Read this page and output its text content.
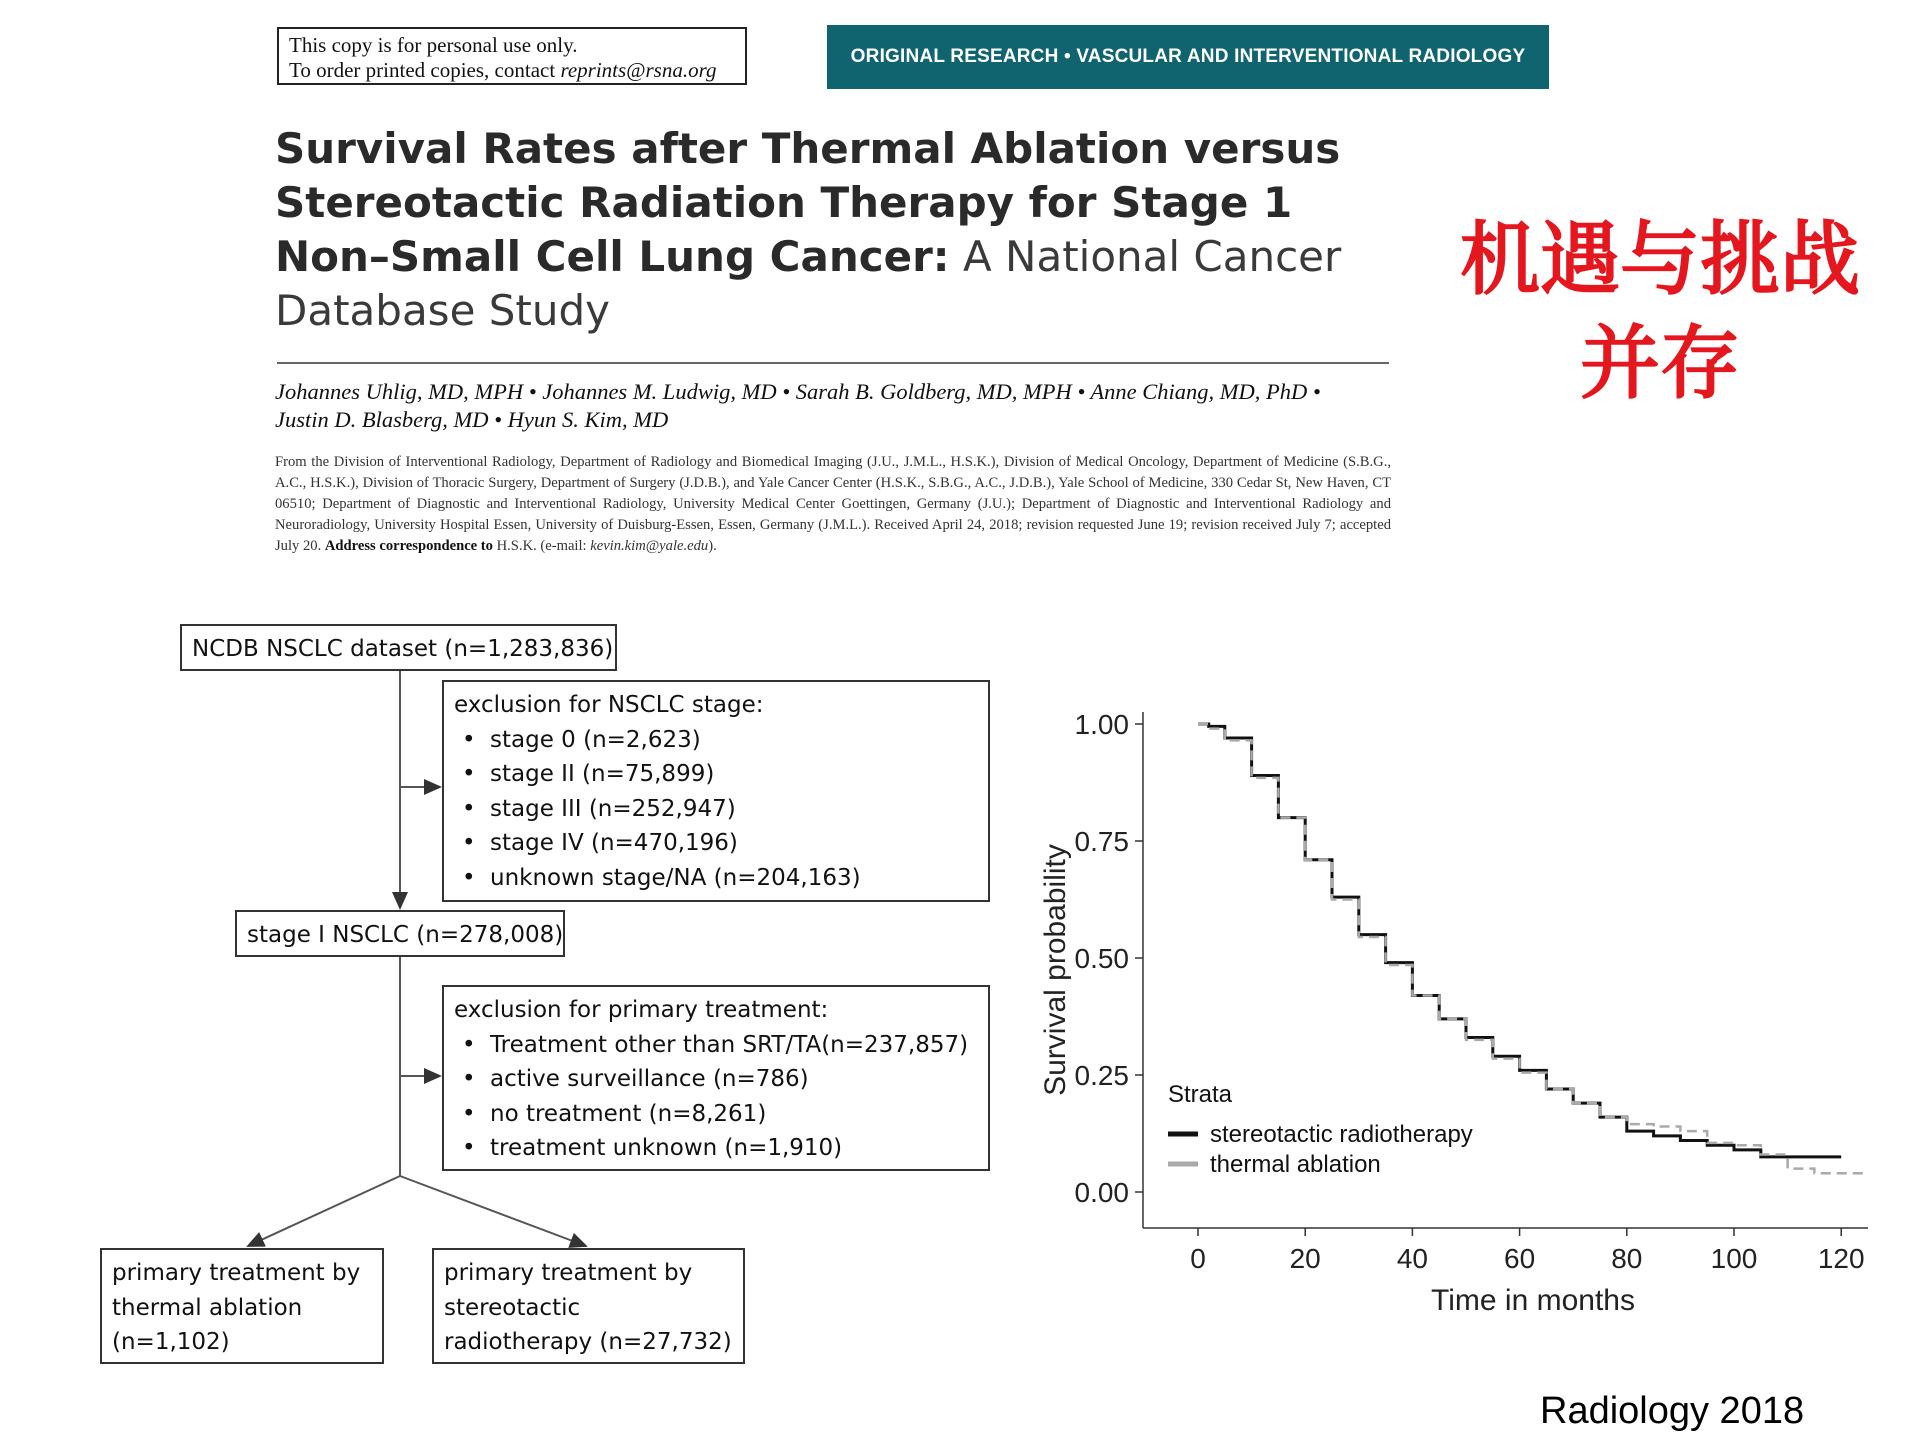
This copy is for personal use only.
To order printed copies, contact reprints@rsna.org
ORIGINAL RESEARCH • VASCULAR AND INTERVENTIONAL RADIOLOGY
Survival Rates after Thermal Ablation versus Stereotactic Radiation Therapy for Stage 1 Non–Small Cell Lung Cancer: A National Cancer Database Study
Johannes Uhlig, MD, MPH • Johannes M. Ludwig, MD • Sarah B. Goldberg, MD, MPH • Anne Chiang, MD, PhD •
Justin D. Blasberg, MD • Hyun S. Kim, MD
From the Division of Interventional Radiology, Department of Radiology and Biomedical Imaging (J.U., J.M.L., H.S.K.), Division of Medical Oncology, Department of Medicine (S.B.G., A.C., H.S.K.), Division of Thoracic Surgery, Department of Surgery (J.D.B.), and Yale Cancer Center (H.S.K., S.B.G., A.C., J.D.B.), Yale School of Medicine, 330 Cedar St, New Haven, CT 06510; Department of Diagnostic and Interventional Radiology, University Medical Center Goettingen, Germany (J.U.); Department of Diagnostic and Interventional Radiology and Neuroradiology, University Hospital Essen, University of Duisburg-Essen, Essen, Germany (J.M.L.). Received April 24, 2018; revision requested June 19; revision received July 7; accepted July 20. Address correspondence to H.S.K. (e-mail: kevin.kim@yale.edu).
机遇与挑战
并存
NCDB NSCLC dataset (n=1,283,836)
exclusion for NSCLC stage:
• stage 0 (n=2,623)
• stage II (n=75,899)
• stage III (n=252,947)
• stage IV (n=470,196)
• unknown stage/NA (n=204,163)
stage I NSCLC (n=278,008)
exclusion for primary treatment:
• Treatment other than SRT/TA(n=237,857)
• active surveillance (n=786)
• no treatment (n=8,261)
• treatment unknown (n=1,910)
primary treatment by
thermal ablation
(n=1,102)
primary treatment by
stereotactic
radiotherapy (n=27,732)
0.00
0.25
0.50
0.75
1.00
0	20	40	60	80 100 120
Time in months
Survival probability	Strata
stereotactic radiotherapy
thermal ablation
Radiology 2018
